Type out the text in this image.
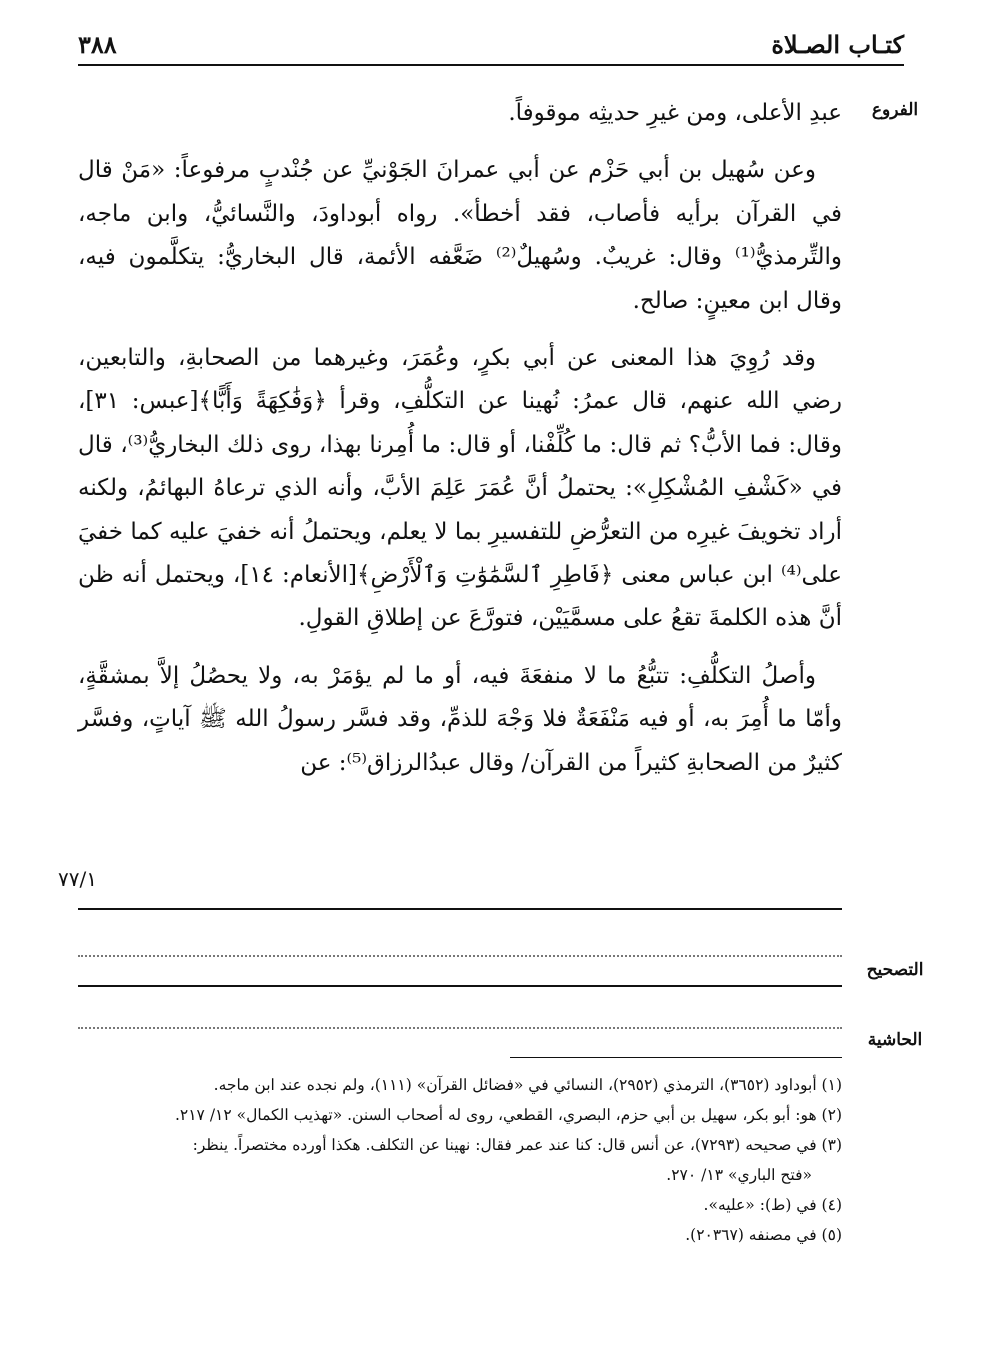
كتـاب الصـلاة
٣٨٨
الفروع
٧٧/١
التصحيح
الحاشية

عبدِ الأعلى، ومن غيرِ حديثِه موقوفاً.

وعن سُهيل بن أبي حَزْم عن أبي عمرانَ الجَوْنيِّ عن جُنْدبٍ مرفوعاً: «مَنْ قال في القرآن برأيه فأصاب، فقد أخطأ». رواه أبوداودَ، والنَّسائيُّ، وابن ماجه، والتِّرمذيُّ⁽¹⁾ وقال: غريبٌ. وسُهيلٌ⁽²⁾ ضَعَّفه الأئمة، قال البخاريُّ: يتكلَّمون فيه، وقال ابن معينٍ: صالح.

وقد رُوِيَ هذا المعنى عن أبي بكرٍ، وعُمَرَ، وغيرهما من الصحابةِ، والتابعين، رضي الله عنهم، قال عمرُ: نُهينا عن التكلُّفِ، وقرأ ﴿وَفَٰكِهَةً وَأَبًّا﴾[عبس: ٣١]، وقال: فما الأبُّ؟ ثم قال: ما كُلِّفْنا، أو قال: ما أُمِرنا بهذا، روى ذلك البخاريُّ⁽³⁾، قال في «كَشْفِ المُشْكِلِ»: يحتملُ أنَّ عُمَرَ عَلِمَ الأبَّ، وأنه الذي ترعاهُ البهائمُ، ولكنه أراد تخويفَ غيرِه من التعرُّضِ للتفسيرِ بما لا يعلم، ويحتملُ أنه خفيَ عليه كما خفيَ على⁽⁴⁾ ابن عباس معنى ﴿فَاطِرِ ٱلسَّمَٰوَٰتِ وَٱلْأَرْضِ﴾[الأنعام: ١٤]، ويحتمل أنه ظن أنَّ هذه الكلمةَ تقعُ على مسمَّيَيْن، فتورَّعَ عن إطلاقِ القولِ.

وأصلُ التكلُّفِ: تتبُّعُ ما لا منفعَةَ فيه، أو ما لم يؤمَرْ به، ولا يحصُلُ إلاَّ بمشقَّةٍ، وأمّا ما أُمِرَ به، أو فيه مَنْفَعَةٌ فلا وَجْهَ للذمِّ، وقد فسَّر رسولُ الله ﷺ آياتٍ، وفسَّر كثيرٌ من الصحابةِ كثيراً من القرآن/ وقال عبدُالرزاق⁽⁵⁾: عن

(١) أبوداود (٣٦٥٢)، الترمذي (٢٩٥٢)، النسائي في «فضائل القرآن» (١١١)، ولم نجده عند ابن ماجه.

(٢) هو: أبو بكر، سهيل بن أبي حزم، البصري، القطعي، روى له أصحاب السنن. «تهذيب الكمال» ١٢/ ٢١٧.

(٣) في صحيحه (٧٢٩٣)، عن أنس قال: كنا عند عمر فقال: نهينا عن التكلف. هكذا أورده مختصراً. ينظر:

«فتح الباري» ١٣/ ٢٧٠.

(٤) في (ط): «عليه».

(٥) في مصنفه (٢٠٣٦٧).
